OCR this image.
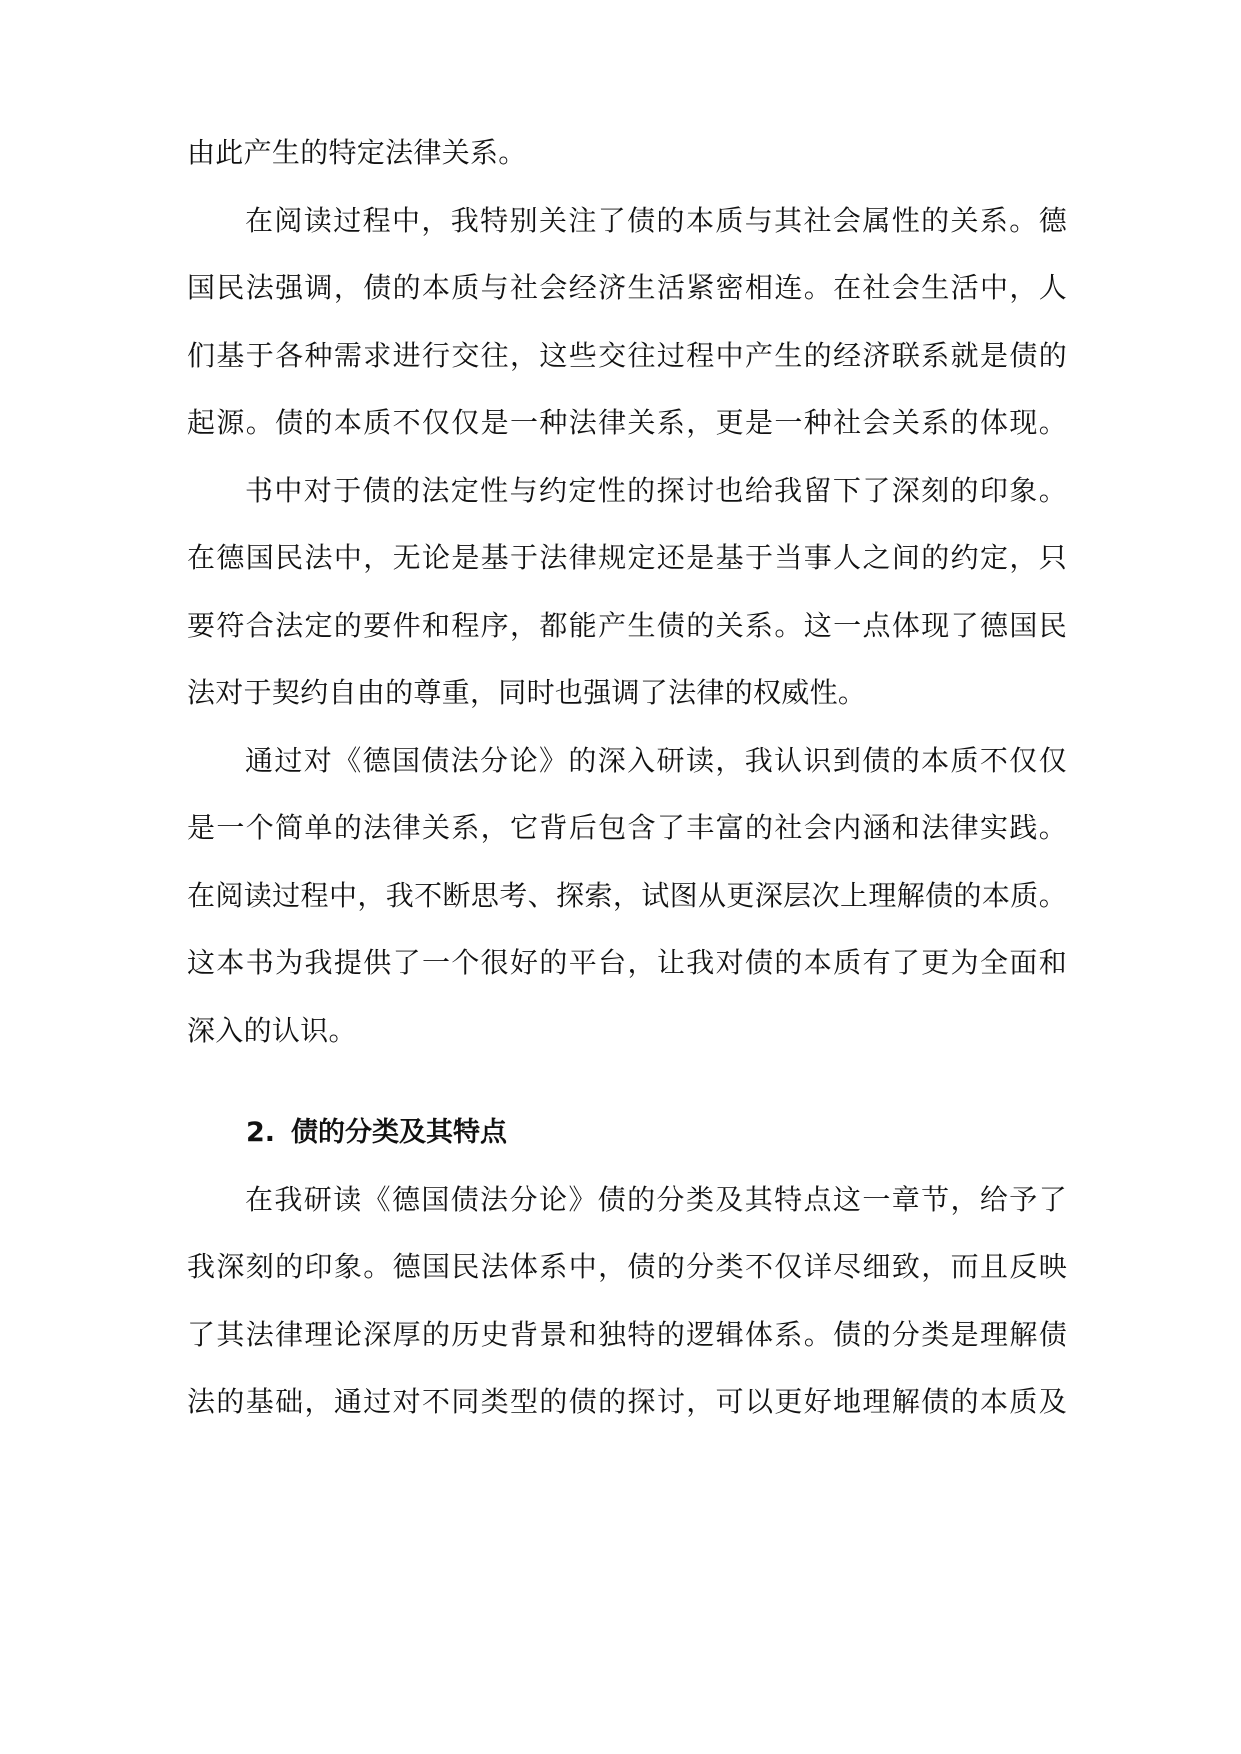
由此产生的特定法律关系。
在阅读过程中，我特别关注了债的本质与其社会属性的关系。德
国民法强调，债的本质与社会经济生活紧密相连。在社会生活中，人
们基于各种需求进行交往，这些交往过程中产生的经济联系就是债的
起源。债的本质不仅仅是一种法律关系，更是一种社会关系的体现。
书中对于债的法定性与约定性的探讨也给我留下了深刻的印象。
在德国民法中，无论是基于法律规定还是基于当事人之间的约定，只
要符合法定的要件和程序，都能产生债的关系。这一点体现了德国民
法对于契约自由的尊重，同时也强调了法律的权威性。
通过对《德国债法分论》的深入研读，我认识到债的本质不仅仅
是一个简单的法律关系，它背后包含了丰富的社会内涵和法律实践。
在阅读过程中，我不断思考、探索，试图从更深层次上理解债的本质。
这本书为我提供了一个很好的平台，让我对债的本质有了更为全面和
深入的认识。
2. 债的分类及其特点
在我研读《德国债法分论》债的分类及其特点这一章节，给予了
我深刻的印象。德国民法体系中，债的分类不仅详尽细致，而且反映
了其法律理论深厚的历史背景和独特的逻辑体系。债的分类是理解债
法的基础，通过对不同类型的债的探讨，可以更好地理解债的本质及
